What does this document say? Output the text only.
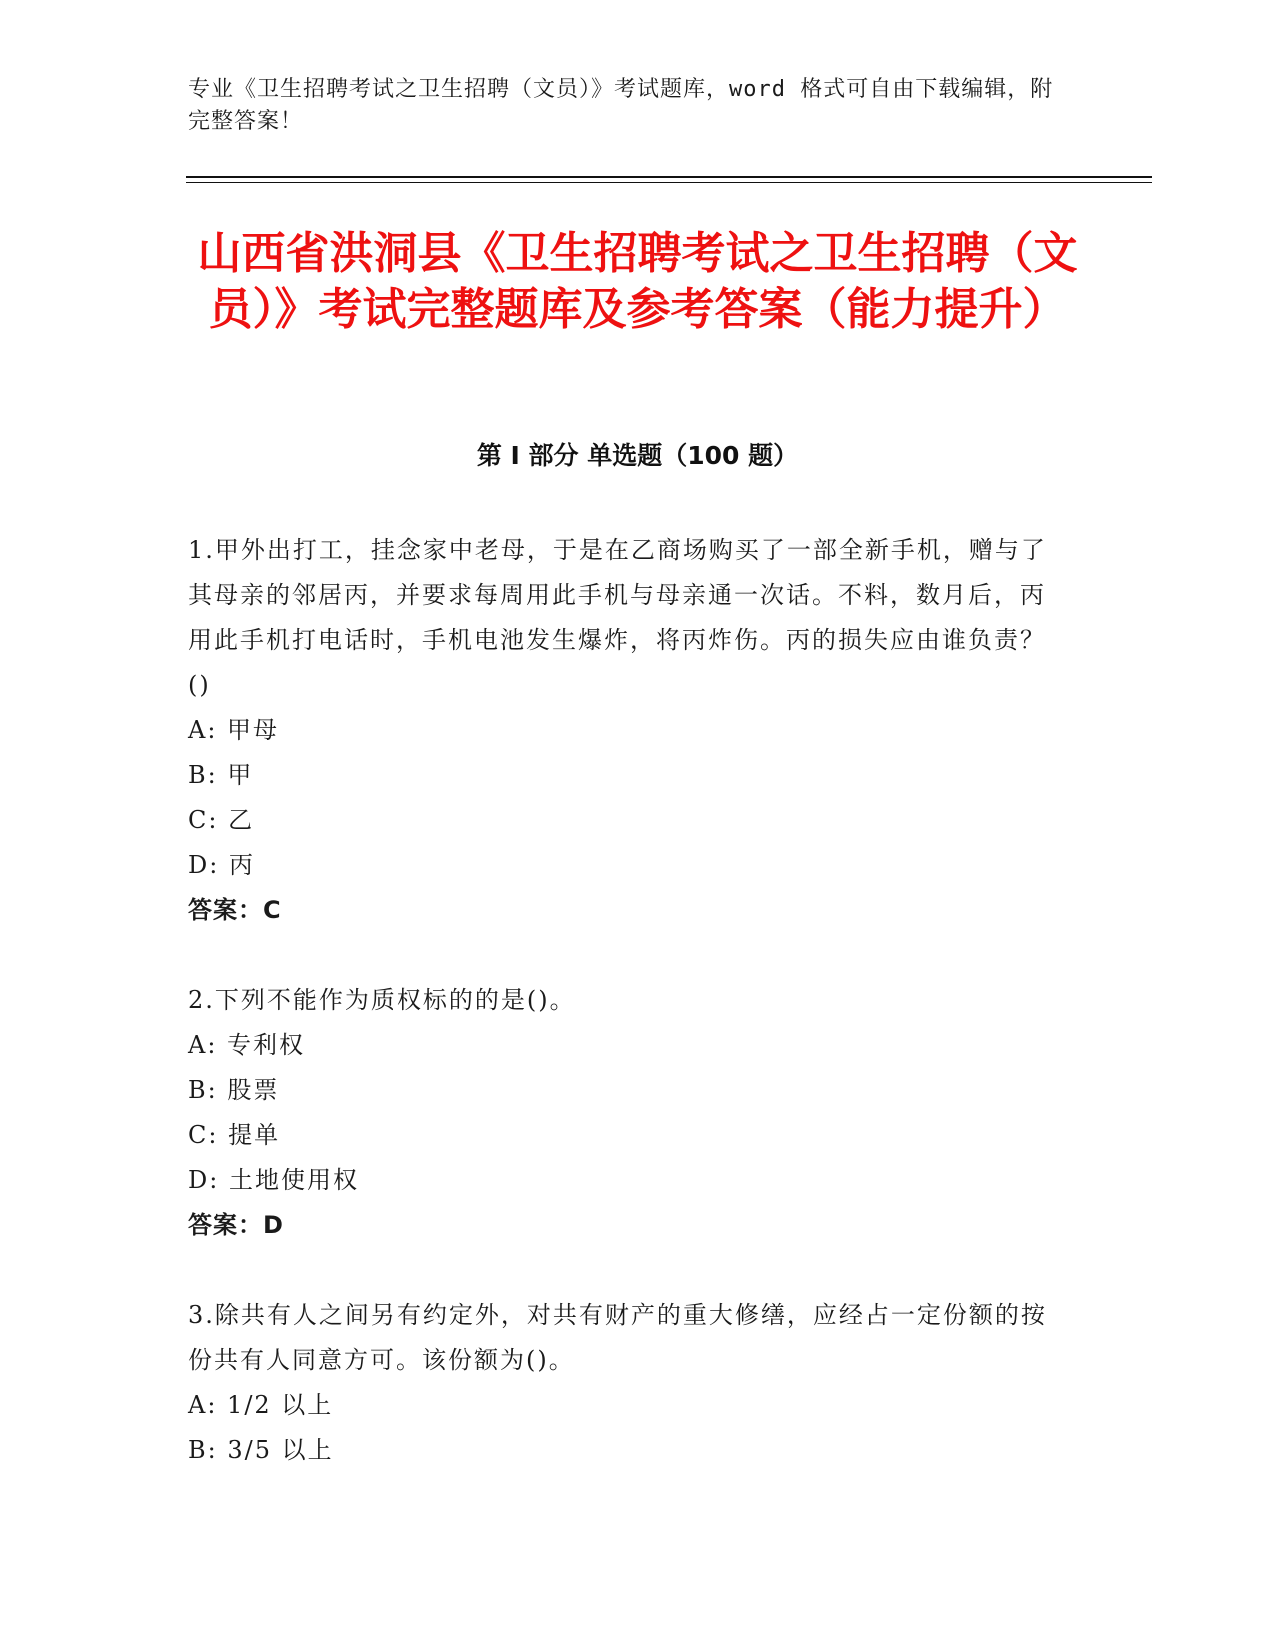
专业《卫生招聘考试之卫生招聘（文员）》考试题库，word 格式可自由下载编辑，附完整答案！
山西省洪洞县《卫生招聘考试之卫生招聘（文员）》考试完整题库及参考答案（能力提升）
第 I 部分 单选题（100 题）

1.甲外出打工，挂念家中老母，于是在乙商场购买了一部全新手机，赠与了其母亲的邻居丙，并要求每周用此手机与母亲通一次话。不料，数月后，丙用此手机打电话时，手机电池发生爆炸，将丙炸伤。丙的损失应由谁负责？()

A: 甲母

B: 甲

C: 乙

D: 丙

答案：C

2.下列不能作为质权标的的是()。

A: 专利权

B: 股票

C: 提单

D: 土地使用权

答案：D

3.除共有人之间另有约定外，对共有财产的重大修缮，应经占一定份额的按份共有人同意方可。该份额为()。

A: 1/2 以上

B: 3/5 以上
